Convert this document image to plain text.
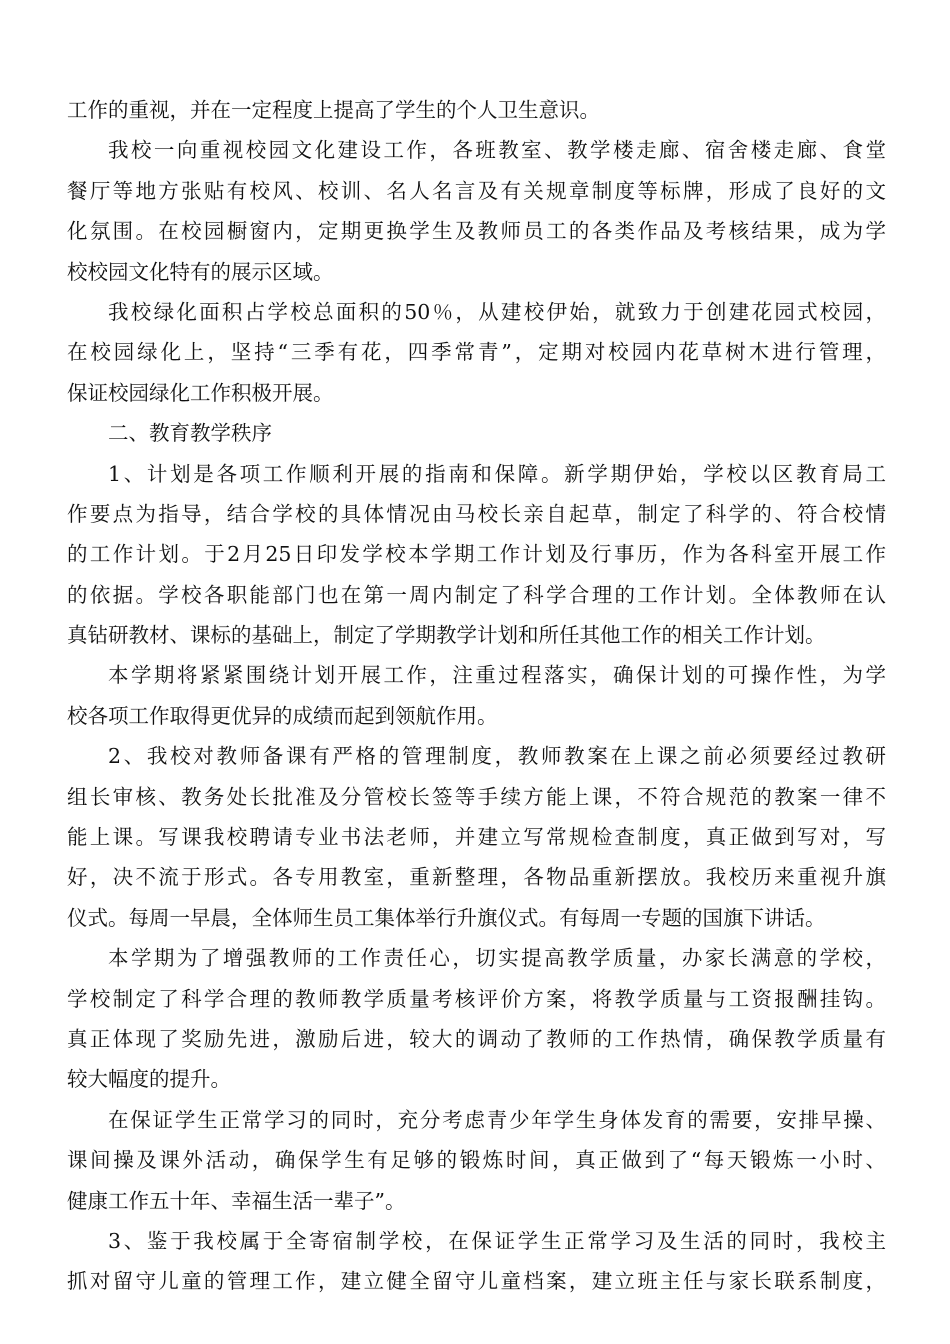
工作的重视，并在一定程度上提高了学生的个人卫生意识。
我校一向重视校园文化建设工作，各班教室、教学楼走廊、宿舍楼走廊、食堂
餐厅等地方张贴有校风、校训、名人名言及有关规章制度等标牌，形成了良好的文
化氛围。在校园橱窗内，定期更换学生及教师员工的各类作品及考核结果，成为学
校校园文化特有的展示区域。
我校绿化面积占学校总面积的50％，从建校伊始，就致力于创建花园式校园，
在校园绿化上，坚持“三季有花，四季常青”，定期对校园内花草树木进行管理，
保证校园绿化工作积极开展。
二、教育教学秩序
1、计划是各项工作顺利开展的指南和保障。新学期伊始，学校以区教育局工
作要点为指导，结合学校的具体情况由马校长亲自起草，制定了科学的、符合校情
的工作计划。于2月25日印发学校本学期工作计划及行事历，作为各科室开展工作
的依据。学校各职能部门也在第一周内制定了科学合理的工作计划。全体教师在认
真钻研教材、课标的基础上，制定了学期教学计划和所任其他工作的相关工作计划。
本学期将紧紧围绕计划开展工作，注重过程落实，确保计划的可操作性，为学
校各项工作取得更优异的成绩而起到领航作用。
2、我校对教师备课有严格的管理制度，教师教案在上课之前必须要经过教研
组长审核、教务处长批准及分管校长签等手续方能上课，不符合规范的教案一律不
能上课。写课我校聘请专业书法老师，并建立写常规检查制度，真正做到写对，写
好，决不流于形式。各专用教室，重新整理，各物品重新摆放。我校历来重视升旗
仪式。每周一早晨，全体师生员工集体举行升旗仪式。有每周一专题的国旗下讲话。
本学期为了增强教师的工作责任心，切实提高教学质量，办家长满意的学校，
学校制定了科学合理的教师教学质量考核评价方案，将教学质量与工资报酬挂钩。
真正体现了奖励先进，激励后进，较大的调动了教师的工作热情，确保教学质量有
较大幅度的提升。
在保证学生正常学习的同时，充分考虑青少年学生身体发育的需要，安排早操、
课间操及课外活动，确保学生有足够的锻炼时间，真正做到了“每天锻炼一小时、
健康工作五十年、幸福生活一辈子”。
3、鉴于我校属于全寄宿制学校，在保证学生正常学习及生活的同时，我校主
抓对留守儿童的管理工作，建立健全留守儿童档案，建立班主任与家长联系制度，
